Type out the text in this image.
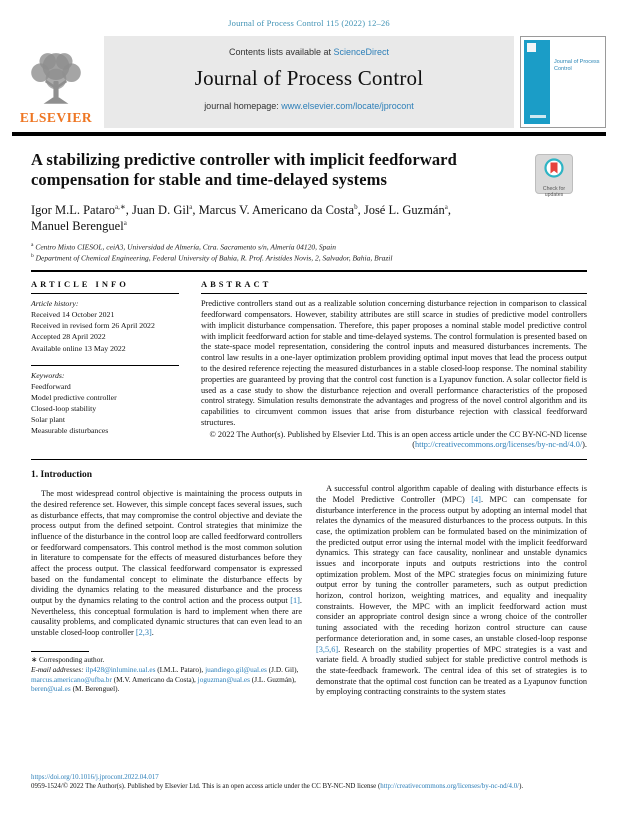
Journal of Process Control 115 (2022) 12–26
ELSEVIER
Contents lists available at ScienceDirect
Journal of Process Control
journal homepage: www.elsevier.com/locate/jprocont
Journal of Process Control
A stabilizing predictive controller with implicit feedforward compensation for stable and time-delayed systems	Check for updates
Igor M.L. Pataro$^{a,∗}$, Juan D. Gil$^a$, Marcus V. Americano da Costa$^b$, José L. Guzmán$^a$,
Manuel Berenguel$^a$
$^a$ Centro Mixto CIESOL, ceiA3, Universidad de Almería, Ctra. Sacramento s/n, Almería 04120, Spain
$^b$ Department of Chemical Engineering, Federal University of Bahia, R. Prof. Aristídes Novis, 2, Salvador, Bahia, Brazil
ARTICLE INFO
Article history:
Received 14 October 2021
Received in revised form 26 April 2022
Accepted 28 April 2022
Available online 13 May 2022
Keywords:
Feedforward
Model predictive controller
Closed-loop stability
Solar plant
Measurable disturbances
ABSTRACT

Predictive controllers stand out as a realizable solution concerning disturbance rejection in comparison to classical feedforward compensators. However, stability attributes are still scarce in studies of predictive model controllers with implicit disturbance compensation. Therefore, this paper proposes a nominal stable model predictive control with implicit feedforward action for stable and time-delayed systems. The control formulation is presented based on the state-space model representation, considering the control inputs and measured disturbances increments. The control law results in a one-layer optimization problem providing optimal input moves that lead the process output to the desired reference rejecting the measured disturbances in a stable closed-loop response. The nominal stability properties are guaranteed by proving that the control cost function is a Lyapunov function. A solar collector field is used as a case study to show the disturbance rejection and overall performance characteristics of the proposed control strategy. Simulation results demonstrate the advantages and progress of the novel control algorithm and its capabilities to circumvent common issues that arise from disturbance rejection with classical feedforward structures.

© 2022 The Author(s). Published by Elsevier Ltd. This is an open access article under the CC BY-NC-ND license (http://creativecommons.org/licenses/by-nc-nd/4.0/).
1. Introduction

The most widespread control objective is maintaining the process outputs in the desired reference set. However, this simple concept faces several issues, such as disturbance effects, that may compromise the control objective and deviate the process output from the defined setpoint. Control strategies that minimize the influence of the disturbance in the control loop are called feedforward controllers or feedforward compensators. This control method is the most common solution in literature to compensate for the effects of measured disturbances before they affect the process output. The classical feedforward compensator is expressed based on the fundamental concept to eliminate the disturbance effects by dividing the dynamics relating to the measured disturbance and the process output by the dynamics relating to the control action and the process output [1]. Nevertheless, this conceptual formulation is hard to implement when there are causality problems, and complicated dynamic structures that can even lead to an unstable closed-loop controller [2,3].

∗ Corresponding author.
E-mail addresses: ilp428@inlumine.ual.es (I.M.L. Pataro), juandiego.gil@ual.es (J.D. Gil), marcus.americano@ufba.br (M.V. Americano da Costa), joguzman@ual.es (J.L. Guzmán), beren@ual.es (M. Berenguel).

A successful control algorithm capable of dealing with disturbance effects is the Model Predictive Controller (MPC) [4]. MPC can compensate for disturbance interference in the process output by adopting an internal model that relates the dynamics of the measured disturbances to the process outputs. In this case, the optimization problem can be formulated based on the minimization of the predicted output error using the internal model with the implicit feedforward dynamics. This strategy can face causality, nonlinear and unstable dynamics issues and incorporate inputs and outputs restrictions into the control optimization problem. Most of the MPC strategies focus on minimizing future output error by tuning the controller parameters, such as output prediction horizon, control horizon, weighting matrices, and equality and inequality constraints. However, the MPC with an implicit feedforward action must consider an appropriate control design since a wrong choice of the controller tuning associated with the receding horizon control structure can cause performance deterioration and, in some cases, an unstable closed-loop response [3,5,6]. Research on the stability properties of MPC strategies is a vast and variate field. A broadly studied subject for stable predictive control methods is the state-feedback framework. The central idea of this set of strategies is to demonstrate that the optimal cost function can be treated as a Lyapunov function by employing contracting constraints to the system states

https://doi.org/10.1016/j.jprocont.2022.04.017
0959-1524/© 2022 The Author(s). Published by Elsevier Ltd. This is an open access article under the CC BY-NC-ND license (http://creativecommons.org/licenses/by-nc-nd/4.0/).
